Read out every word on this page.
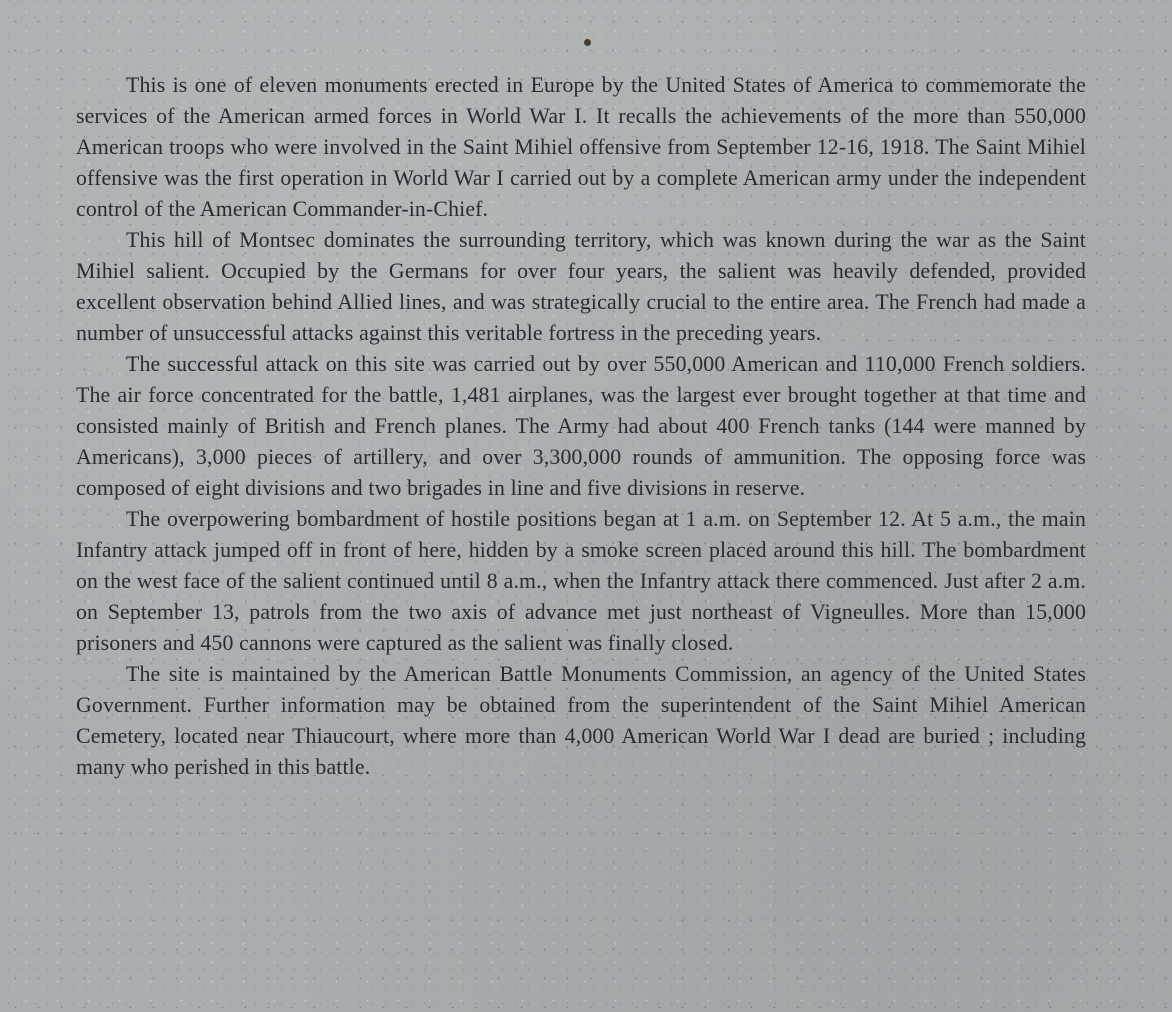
This is one of eleven monuments erected in Europe by the United States of America to commemorate the services of the American armed forces in World War I. It recalls the achievements of the more than 550,000 American troops who were involved in the Saint Mihiel offensive from September 12-16, 1918. The Saint Mihiel offensive was the first operation in World War I carried out by a complete American army under the independent control of the American Commander-in-Chief.

This hill of Montsec dominates the surrounding territory, which was known during the war as the Saint Mihiel salient. Occupied by the Germans for over four years, the salient was heavily defended, provided excellent observation behind Allied lines, and was strategically crucial to the entire area. The French had made a number of unsuccessful attacks against this veritable fortress in the preceding years.

The successful attack on this site was carried out by over 550,000 American and 110,000 French soldiers. The air force concentrated for the battle, 1,481 airplanes, was the largest ever brought together at that time and consisted mainly of British and French planes. The Army had about 400 French tanks (144 were manned by Americans), 3,000 pieces of artillery, and over 3,300,000 rounds of ammunition. The opposing force was composed of eight divisions and two brigades in line and five divisions in reserve.

The overpowering bombardment of hostile positions began at 1 a.m. on September 12. At 5 a.m., the main Infantry attack jumped off in front of here, hidden by a smoke screen placed around this hill. The bombardment on the west face of the salient continued until 8 a.m., when the Infantry attack there commenced. Just after 2 a.m. on September 13, patrols from the two axis of advance met just northeast of Vigneulles. More than 15,000 prisoners and 450 cannons were captured as the salient was finally closed.

The site is maintained by the American Battle Monuments Commission, an agency of the United States Government. Further information may be obtained from the superintendent of the Saint Mihiel American Cemetery, located near Thiaucourt, where more than 4,000 American World War I dead are buried ; including many who perished in this battle.
